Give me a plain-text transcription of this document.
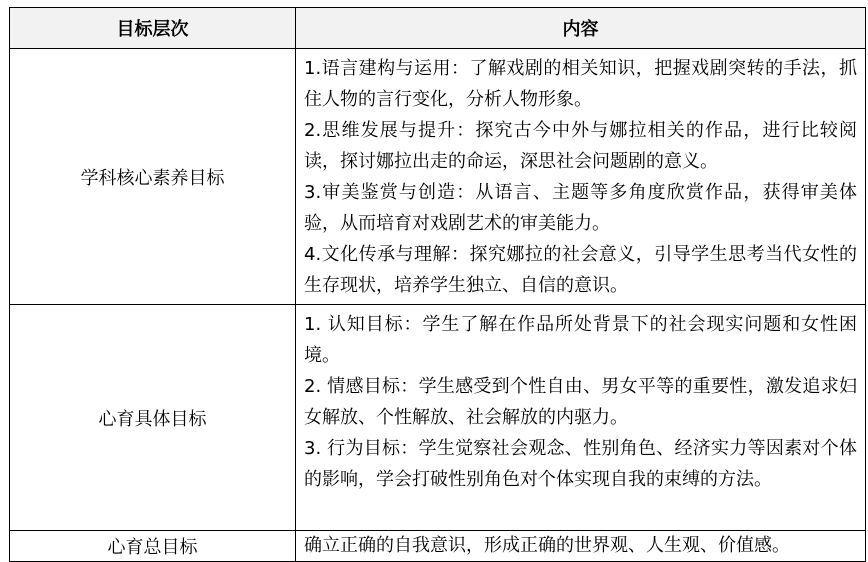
目标层次	内容
学科核心素养目标	1.语言建构与运用：了解戏剧的相关知识，把握戏剧突转的手法，抓住人物的言行变化，分析人物形象。

2.思维发展与提升：探究古今中外与娜拉相关的作品，进行比较阅读，探讨娜拉出走的命运，深思社会问题剧的意义。

3.审美鉴赏与创造：从语言、主题等多角度欣赏作品，获得审美体验，从而培育对戏剧艺术的审美能力。

4.文化传承与理解：探究娜拉的社会意义，引导学生思考当代女性的生存现状，培养学生独立、自信的意识。

心育具体目标	1. 认知目标：学生了解在作品所处背景下的社会现实问题和女性困境。

2. 情感目标：学生感受到个性自由、男女平等的重要性，激发追求妇女解放、个性解放、社会解放的内驱力。

3. 行为目标：学生觉察社会观念、性别角色、经济实力等因素对个体的影响，学会打破性别角色对个体实现自我的束缚的方法。

心育总目标	确立正确的自我意识，形成正确的世界观、人生观、价值感。
